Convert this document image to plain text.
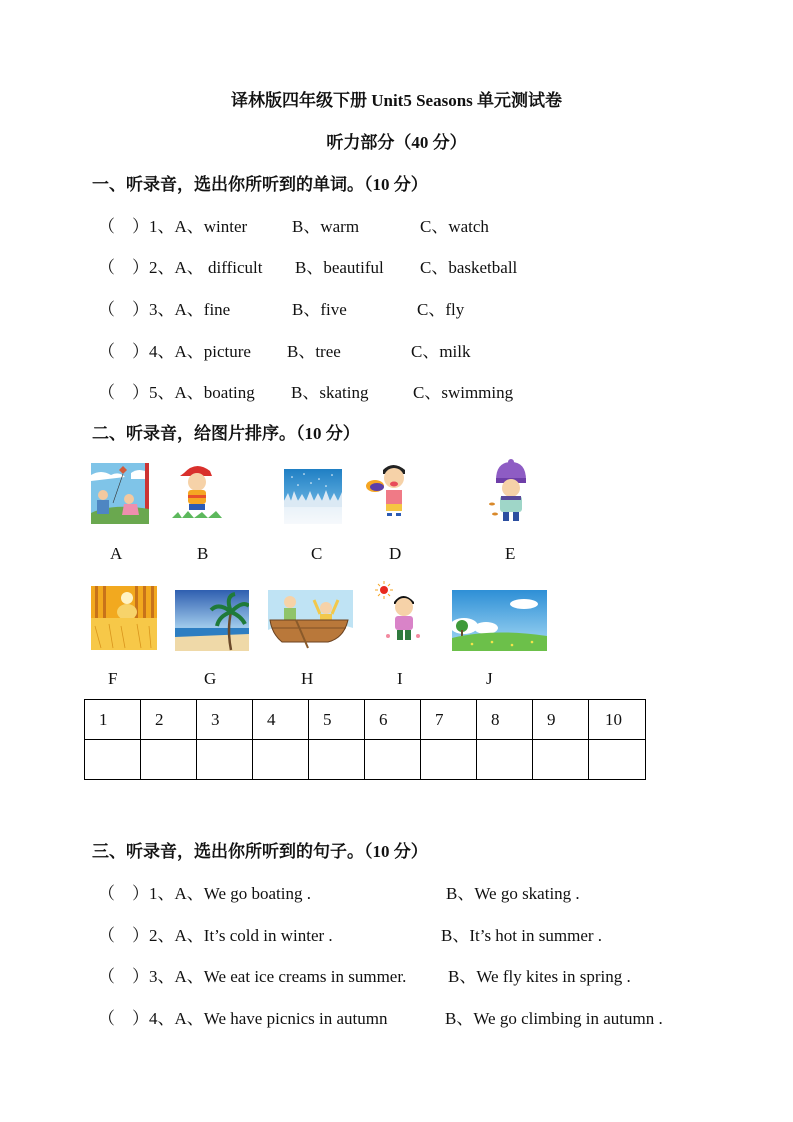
译林版四年级下册 Unit5 Seasons 单元测试卷
听力部分（40 分）
一、听录音，选出你所听到的单词。（10 分）
（　）1、A、winter	B、warm	C、watch
（　）2、A、 difficult B、beautiful C、basketball
（　）3、A、fine	B、five	C、fly
（　）4、A、picture B、tree	C、milk
（　）5、A、boating B、skating	C、swimming
二、听录音，给图片排序。（10 分）
A	B	C	D	E
F	G	H	I	J
1	2	3	4	5	6	7	8	9	10

三、听录音，选出你所听到的句子。（10 分）
（　）1、A、We go boating .	B、We go skating .
（　）2、A、It’s cold in winter .	B、It’s hot in summer .
（　）3、A、We eat ice creams in summer. B、We fly kites in spring .
（　）4、A、We have picnics in autumn	B、We go climbing in autumn .
